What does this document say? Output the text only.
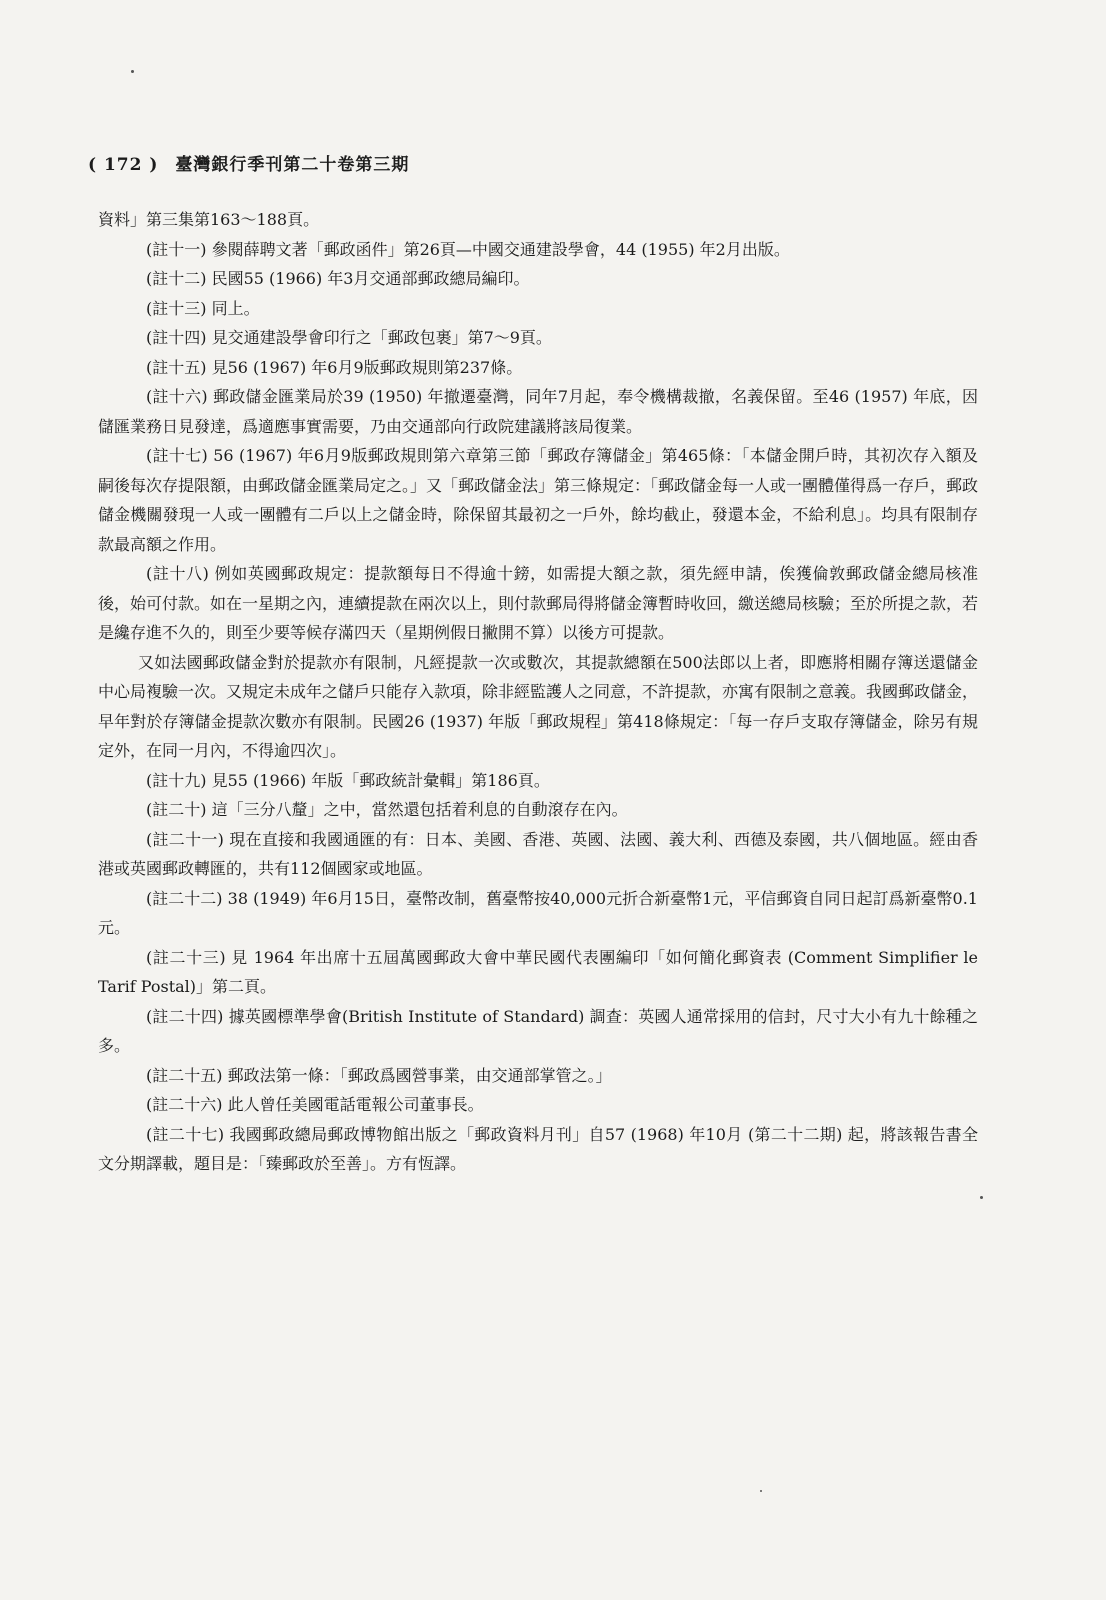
( 172 ) 臺灣銀行季刊第二十卷第三期

資料」第三集第163～188頁。

(註十一) 參閱薛聘文著「郵政函件」第26頁—中國交通建設學會，44 (1955) 年2月出版。

(註十二) 民國55 (1966) 年3月交通部郵政總局編印。

(註十三) 同上。

(註十四) 見交通建設學會印行之「郵政包裹」第7～9頁。

(註十五) 見56 (1967) 年6月9版郵政規則第237條。

(註十六) 郵政儲金匯業局於39 (1950) 年撤遷臺灣，同年7月起，奉令機構裁撤，名義保留。至46 (1957) 年底，因儲匯業務日見發達，爲適應事實需要，乃由交通部向行政院建議將該局復業。

(註十七) 56 (1967) 年6月9版郵政規則第六章第三節「郵政存簿儲金」第465條：「本儲金開戶時，其初次存入額及嗣後每次存提限額，由郵政儲金匯業局定之。」又「郵政儲金法」第三條規定：「郵政儲金每一人或一團體僅得爲一存戶，郵政儲金機關發現一人或一團體有二戶以上之儲金時，除保留其最初之一戶外，餘均截止，發還本金，不給利息」。均具有限制存款最高額之作用。

(註十八) 例如英國郵政規定：提款額每日不得逾十鎊，如需提大額之款，須先經申請，俟獲倫敦郵政儲金總局核准後，始可付款。如在一星期之內，連續提款在兩次以上，則付款郵局得將儲金簿暫時收回，繳送總局核驗；至於所提之款，若是纔存進不久的，則至少要等候存滿四天（星期例假日撇開不算）以後方可提款。

又如法國郵政儲金對於提款亦有限制，凡經提款一次或數次，其提款總額在500法郎以上者，即應將相關存簿送還儲金中心局複驗一次。又規定未成年之儲戶只能存入款項，除非經監護人之同意，不許提款，亦寓有限制之意義。我國郵政儲金，早年對於存簿儲金提款次數亦有限制。民國26 (1937) 年版「郵政規程」第418條規定：「每一存戶支取存簿儲金，除另有規定外，在同一月內，不得逾四次」。

(註十九) 見55 (1966) 年版「郵政統計彙輯」第186頁。

(註二十) 這「三分八釐」之中，當然還包括着利息的自動滾存在內。

(註二十一) 現在直接和我國通匯的有：日本、美國、香港、英國、法國、義大利、西德及泰國，共八個地區。經由香港或英國郵政轉匯的，共有112個國家或地區。

(註二十二) 38 (1949) 年6月15日，臺幣改制，舊臺幣按40,000元折合新臺幣1元，平信郵資自同日起訂爲新臺幣0.1元。

(註二十三) 見 1964 年出席十五屆萬國郵政大會中華民國代表團編印「如何簡化郵資表 (Comment Simplifier le Tarif Postal)」第二頁。

(註二十四) 據英國標準學會(British Institute of Standard) 調查：英國人通常採用的信封，尺寸大小有九十餘種之多。

(註二十五) 郵政法第一條：「郵政爲國營事業，由交通部掌管之。」

(註二十六) 此人曾任美國電話電報公司董事長。

(註二十七) 我國郵政總局郵政博物館出版之「郵政資料月刊」自57 (1968) 年10月 (第二十二期) 起，將該報告書全文分期譯載，題目是：「臻郵政於至善」。方有恆譯。
